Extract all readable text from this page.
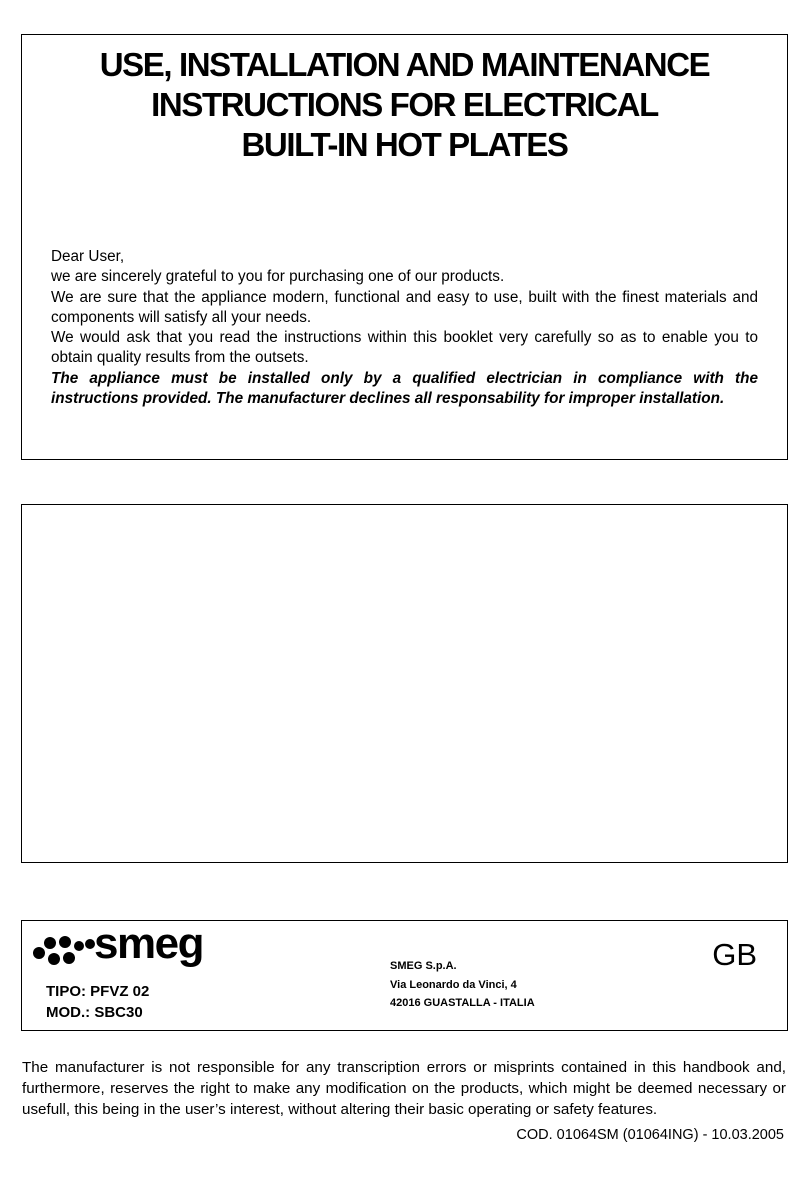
USE, INSTALLATION AND MAINTENANCE
INSTRUCTIONS FOR ELECTRICAL
BUILT-IN HOT PLATES

Dear User,

we are sincerely grateful to you for purchasing one of our products.

We are sure that the appliance modern, functional and easy to use, built with the finest materials and components will satisfy all your needs.

We would ask that you read the instructions within this booklet very carefully so as to enable you to obtain quality results from the outsets.

The appliance must be installed only by a qualified electrician in compliance with the instructions provided. The manufacturer declines all responsability for improper installation.

smeg
TIPO: PFVZ 02
MOD.: SBC30
SMEG S.p.A.
Via Leonardo da Vinci, 4
42016 GUASTALLA - ITALIA
GB
The manufacturer is not responsible for any transcription errors or misprints contained in this handbook and, furthermore, reserves the right to make any modification on the products, which might be deemed necessary or usefull, this being in the user’s interest, without altering their basic operating or safety features.
COD. 01064SM (01064ING) - 10.03.2005
